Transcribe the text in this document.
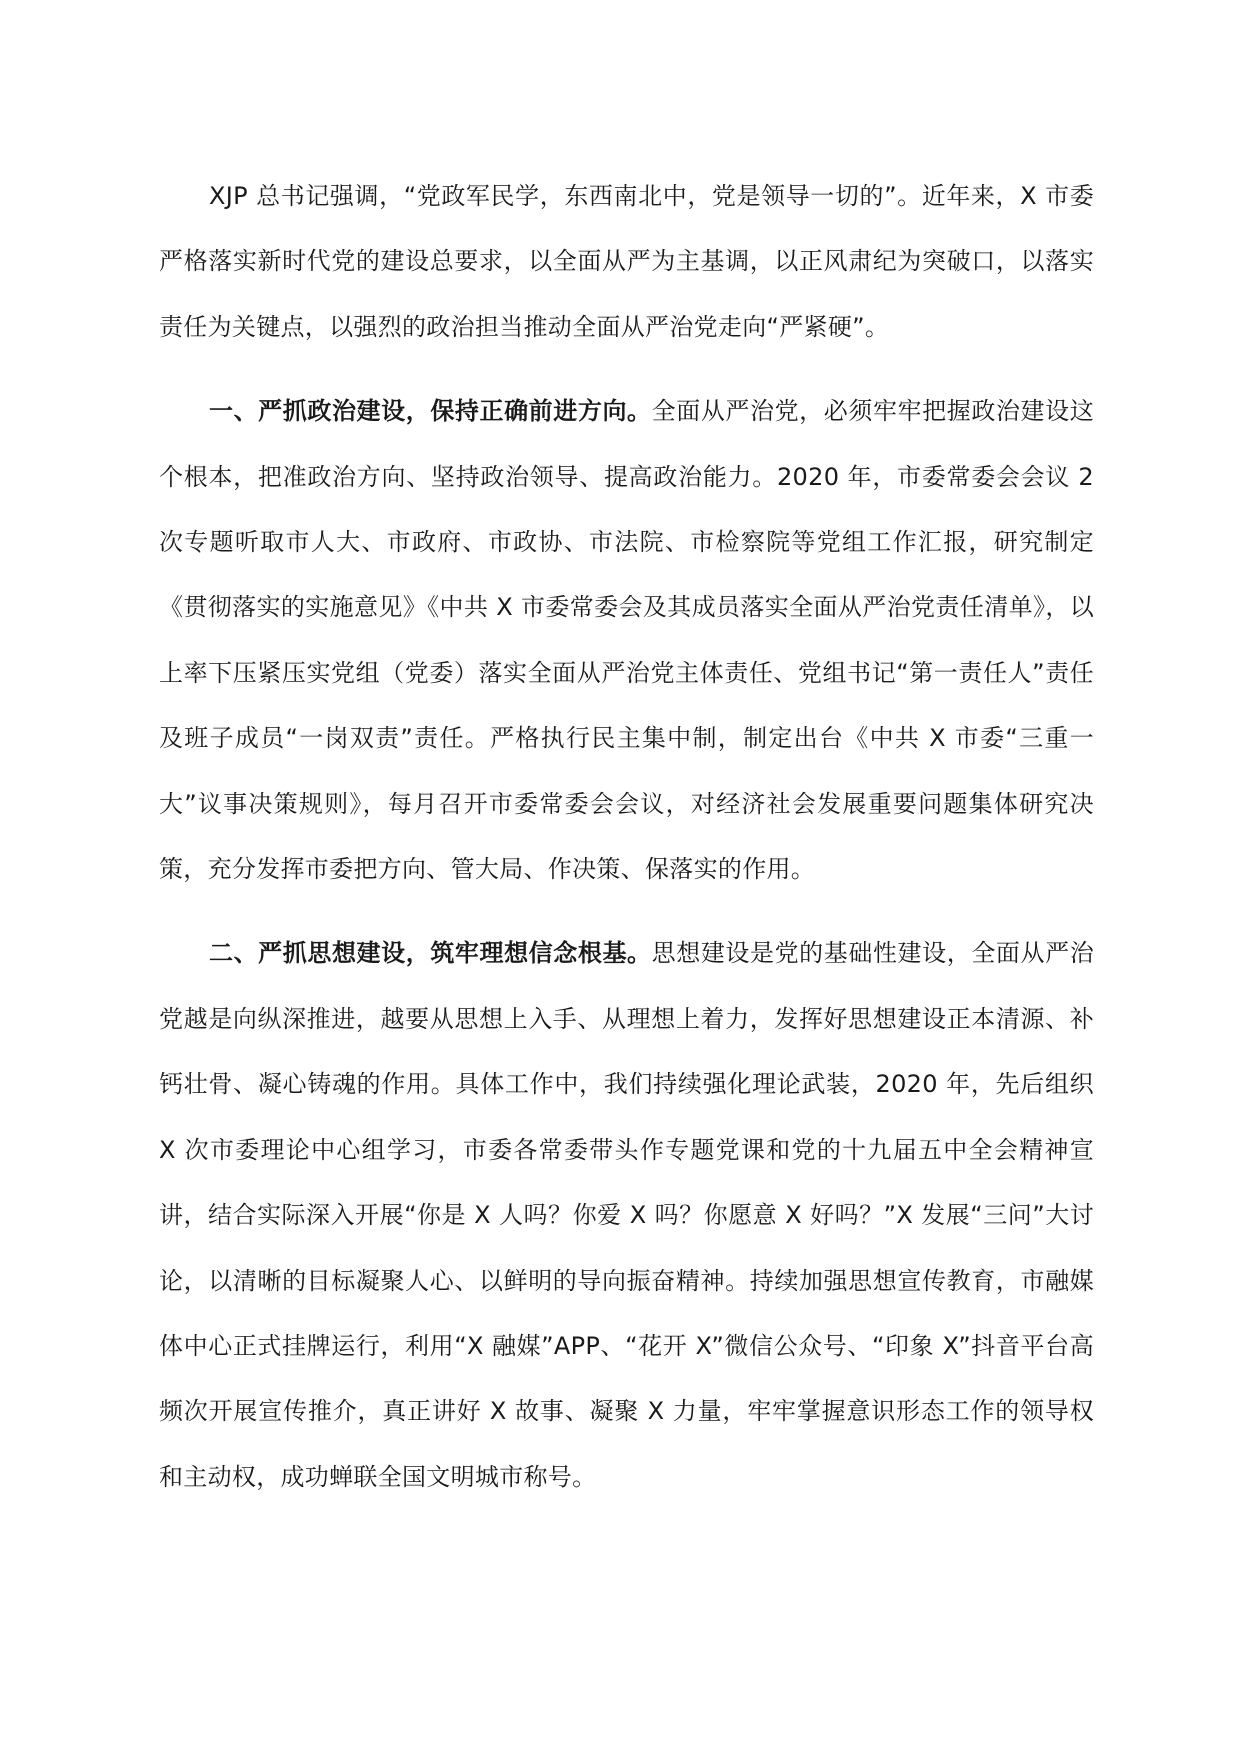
XJP 总书记强调，“党政军民学，东西南北中，党是领导一切的”。近年来，X 市委严格落实新时代党的建设总要求，以全面从严为主基调，以正风肃纪为突破口，以落实责任为关键点，以强烈的政治担当推动全面从严治党走向“严紧硬”。

一、严抓政治建设，保持正确前进方向。全面从严治党，必须牢牢把握政治建设这个根本，把准政治方向、坚持政治领导、提高政治能力。2020 年，市委常委会会议 2 次专题听取市人大、市政府、市政协、市法院、市检察院等党组工作汇报，研究制定《贯彻落实的实施意见》《中共 X 市委常委会及其成员落实全面从严治党责任清单》，以上率下压紧压实党组（党委）落实全面从严治党主体责任、党组书记“第一责任人”责任及班子成员“一岗双责”责任。严格执行民主集中制，制定出台《中共 X 市委“三重一大”议事决策规则》，每月召开市委常委会会议，对经济社会发展重要问题集体研究决策，充分发挥市委把方向、管大局、作决策、保落实的作用。

二、严抓思想建设，筑牢理想信念根基。思想建设是党的基础性建设，全面从严治党越是向纵深推进，越要从思想上入手、从理想上着力，发挥好思想建设正本清源、补钙壮骨、凝心铸魂的作用。具体工作中，我们持续强化理论武装，2020 年，先后组织 X 次市委理论中心组学习，市委各常委带头作专题党课和党的十九届五中全会精神宣讲，结合实际深入开展“你是 X 人吗？你爱 X 吗？你愿意 X 好吗？”X 发展“三问”大讨论，以清晰的目标凝聚人心、以鲜明的导向振奋精神。持续加强思想宣传教育，市融媒体中心正式挂牌运行，利用“X 融媒”APP、“花开 X”微信公众号、“印象 X”抖音平台高频次开展宣传推介，真正讲好 X 故事、凝聚 X 力量，牢牢掌握意识形态工作的领导权和主动权，成功蝉联全国文明城市称号。
